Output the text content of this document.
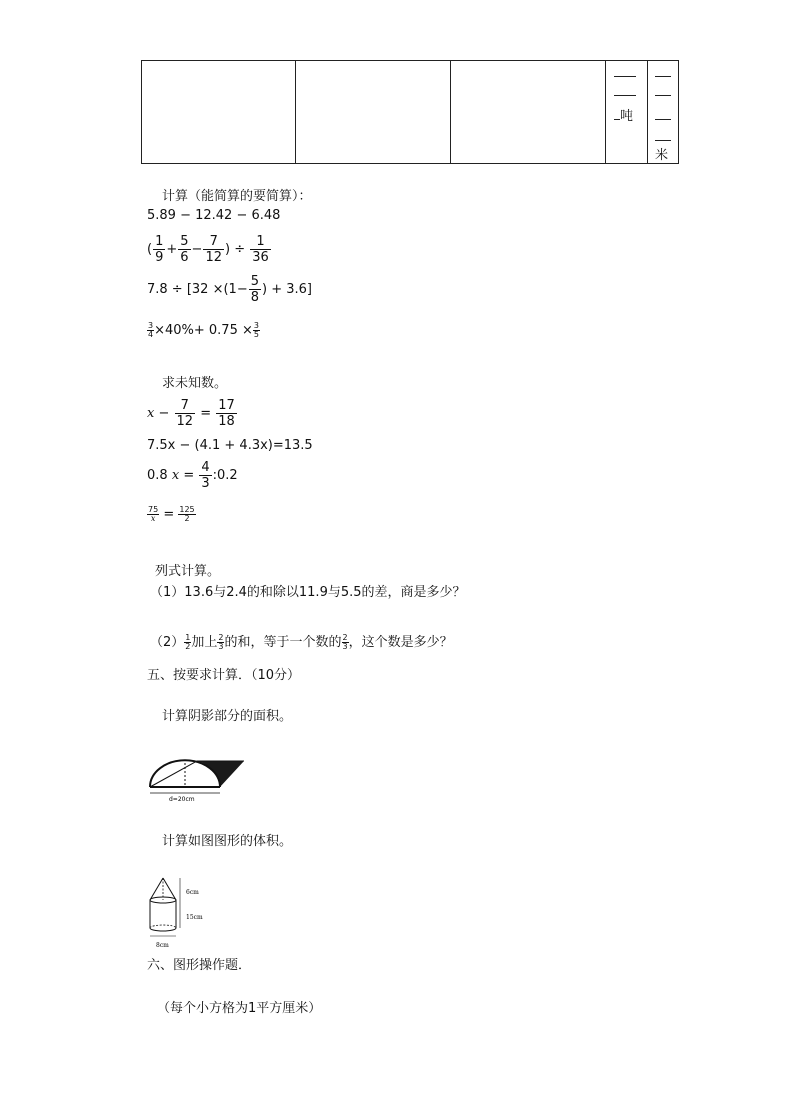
吨
米
计算（能简算的要简算）：
5.89 − 12.42 − 6.48
( $\frac{1}{9} + \frac{5}{6} - \frac{7}{12}$ ) ÷ $\frac{1}{36}$
$7.8 \div [32 \times(1- \frac{5}{8}$ ) + 3.6]
$\frac{3}{4} \times 40\%+ 0.75 \times \frac{3}{5}$
求未知数。
$x - \frac{7}{12} = \frac{17}{18}$
7.5x − (4.1 + 4.3x)=13.5
0.8 $x = \frac{4}{3}$ :0.2
$\frac{75}{x} = \frac{125}{2}$
列式计算。
（1）13.6与2.4的和除以11.9与5.5的差，商是多少？
$(2) \frac{1}{2}$ 加上 $\frac{2}{3}$ 的和，等于一个数的 $\frac{2}{3}$ ，这个数是多少？
五、按要求计算．（10分）
计算阴影部分的面积。
d=20cm
计算如图图形的体积。
6cm
15cm
8cm
六、图形操作题．
（每个小方格为1平方厘米）
